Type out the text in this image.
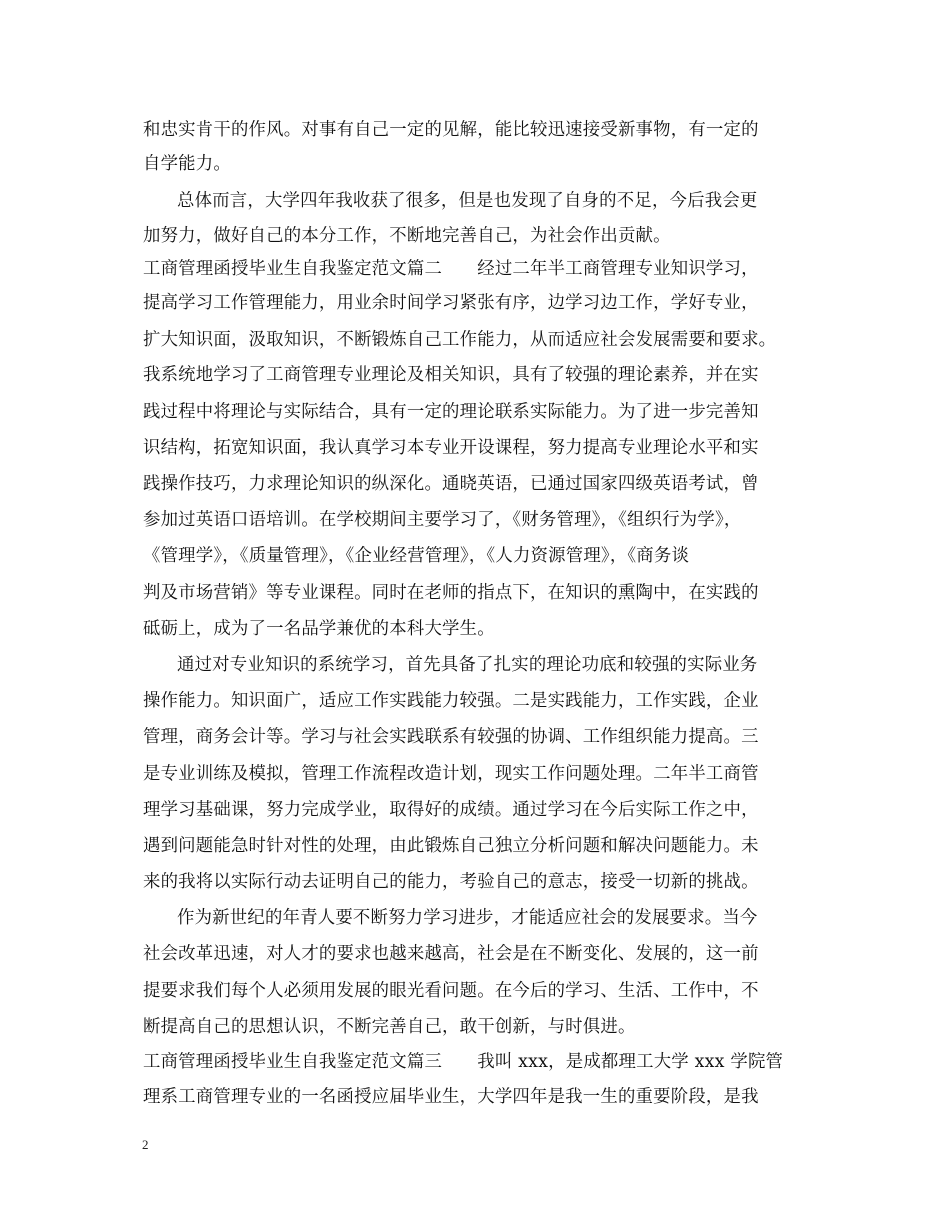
和忠实肯干的作风。对事有自己一定的见解，能比较迅速接受新事物，有一定的
自学能力。
总体而言，大学四年我收获了很多，但是也发现了自身的不足，今后我会更
加努力，做好自己的本分工作，不断地完善自己，为社会作出贡献。
工商管理函授毕业生自我鉴定范文篇二　　经过二年半工商管理专业知识学习，
提高学习工作管理能力，用业余时间学习紧张有序，边学习边工作，学好专业，
扩大知识面，汲取知识，不断锻炼自己工作能力，从而适应社会发展需要和要求。
我系统地学习了工商管理专业理论及相关知识，具有了较强的理论素养，并在实
践过程中将理论与实际结合，具有一定的理论联系实际能力。为了进一步完善知
识结构，拓宽知识面，我认真学习本专业开设课程，努力提高专业理论水平和实
践操作技巧，力求理论知识的纵深化。通晓英语，已通过国家四级英语考试，曾
参加过英语口语培训。在学校期间主要学习了，《财务管理》，《组织行为学》，
《管理学》，《质量管理》，《企业经营管理》，《人力资源管理》，《商务谈
判及市场营销》等专业课程。同时在老师的指点下，在知识的熏陶中，在实践的
砥砺上，成为了一名品学兼优的本科大学生。
通过对专业知识的系统学习，首先具备了扎实的理论功底和较强的实际业务
操作能力。知识面广，适应工作实践能力较强。二是实践能力，工作实践，企业
管理，商务会计等。学习与社会实践联系有较强的协调、工作组织能力提高。三
是专业训练及模拟，管理工作流程改造计划，现实工作问题处理。二年半工商管
理学习基础课，努力完成学业，取得好的成绩。通过学习在今后实际工作之中，
遇到问题能急时针对性的处理，由此锻炼自己独立分析问题和解决问题能力。未
来的我将以实际行动去证明自己的能力，考验自己的意志，接受一切新的挑战。
作为新世纪的年青人要不断努力学习进步，才能适应社会的发展要求。当今
社会改革迅速，对人才的要求也越来越高，社会是在不断变化、发展的，这一前
提要求我们每个人必须用发展的眼光看问题。在今后的学习、生活、工作中，不
断提高自己的思想认识，不断完善自己，敢干创新，与时俱进。
工商管理函授毕业生自我鉴定范文篇三　　我叫 xxx，是成都理工大学 xxx 学院管
理系工商管理专业的一名函授应届毕业生，大学四年是我一生的重要阶段，是我
2
